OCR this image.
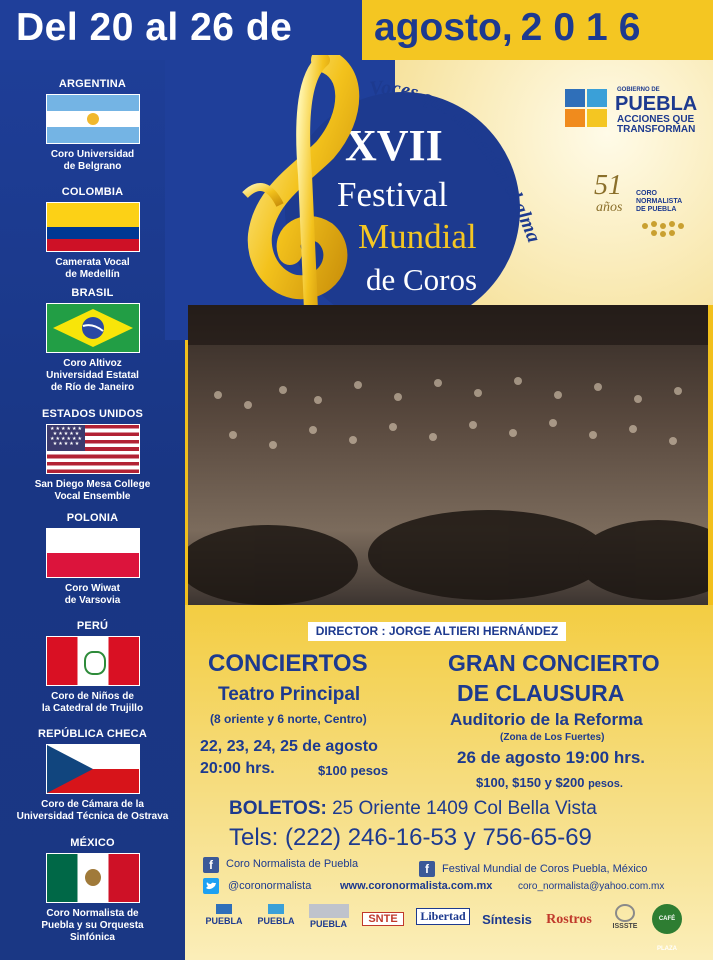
Del 20 al 26 de agosto, 2016
ARGENTINA
Coro Universidad
de Belgrano
COLOMBIA
Camerata Vocal
de Medellín
BRASIL
Coro Altivoz
Universidad Estatal
de Río de Janeiro
ESTADOS UNIDOS
★★★★★★ ★★★★★ ★★★★★★ ★★★★★
San Diego Mesa College
Vocal Ensemble
POLONIA
Coro Wiwat
de Varsovia
PERÚ
Coro de Niños de
la Catedral de Trujillo
REPÚBLICA CHECA
Coro de Cámara de la
Universidad Técnica de Ostrava
MÉXICO
Coro Normalista de
Puebla y su Orquesta
Sinfónica
Voces que alimentan el alma
XVII
Festival
Mundial
de Coros
GOBIERNO DE
PUEBLA
ACCIONES QUE
TRANSFORMAN
51
años
CORO
NORMALISTA
DE PUEBLA
DIRECTOR : JORGE ALTIERI HERNÁNDEZ
CONCIERTOS
Teatro Principal
(8 oriente y 6 norte, Centro)
22, 23, 24, 25 de agosto
20:00 hrs.	$100 pesos
GRAN CONCIERTO
DE CLAUSURA
Auditorio de la Reforma
(Zona de Los Fuertes)
26 de agosto 19:00 hrs.
$100, $150 y $200 pesos.
BOLETOS: 25 Oriente 1409 Col Bella Vista
Tels: (222) 246-16-53 y 756-65-69
f	Coro Normalista de Puebla	f	Festival Mundial de Coros Puebla, México
@coronormalista	www.coronormalista.com.mx	coro_normalista@yahoo.com.mx
PUEBLA PUEBLA	PUEBLA	SNTE	Libertad	Síntesis	Rostros	ISSSTE
CAFÉ PLAZA
